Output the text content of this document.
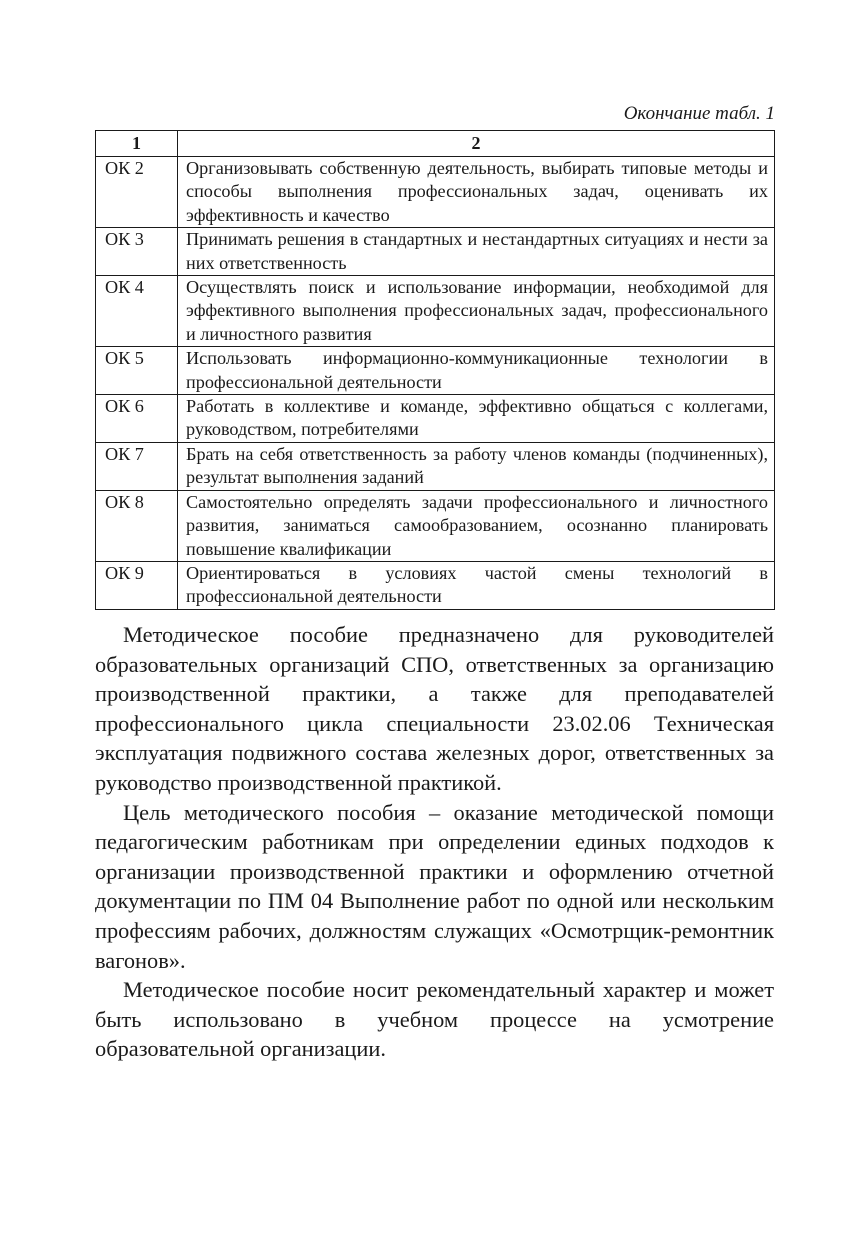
Окончание табл. 1

1	2
ОК 2	Организовывать собственную деятельность, выбирать типовые методы и способы выполнения профессиональных задач, оценивать их эффективность и качество
ОК 3	Принимать решения в стандартных и нестандартных ситуациях и нести за них ответственность
ОК 4	Осуществлять поиск и использование информации, необходимой для эффективного выполнения профессиональных задач, профессионального и личностного развития
ОК 5	Использовать информационно-коммуникационные технологии в профессиональной деятельности
ОК 6	Работать в коллективе и команде, эффективно общаться с коллегами, руководством, потребителями
ОК 7	Брать на себя ответственность за работу членов команды (подчиненных), результат выполнения заданий
ОК 8	Самостоятельно определять задачи профессионального и личностного развития, заниматься самообразованием, осознанно планировать повышение квалификации
ОК 9	Ориентироваться в условиях частой смены технологий в профессиональной деятельности

Методическое пособие предназначено для руководителей образовательных организаций СПО, ответственных за организацию производственной практики, а также для преподавателей профессионального цикла специальности 23.02.06 Техническая эксплуатация подвижного состава железных дорог, ответственных за руководство производственной практикой.

Цель методического пособия – оказание методической помощи педагогическим работникам при определении единых подходов к организации производственной практики и оформлению отчетной документации по ПМ 04 Выполнение работ по одной или нескольким профессиям рабочих, должностям служащих «Осмотрщик-ремонтник вагонов».

Методическое пособие носит рекомендательный характер и может быть использовано в учебном процессе на усмотрение образовательной организации.
